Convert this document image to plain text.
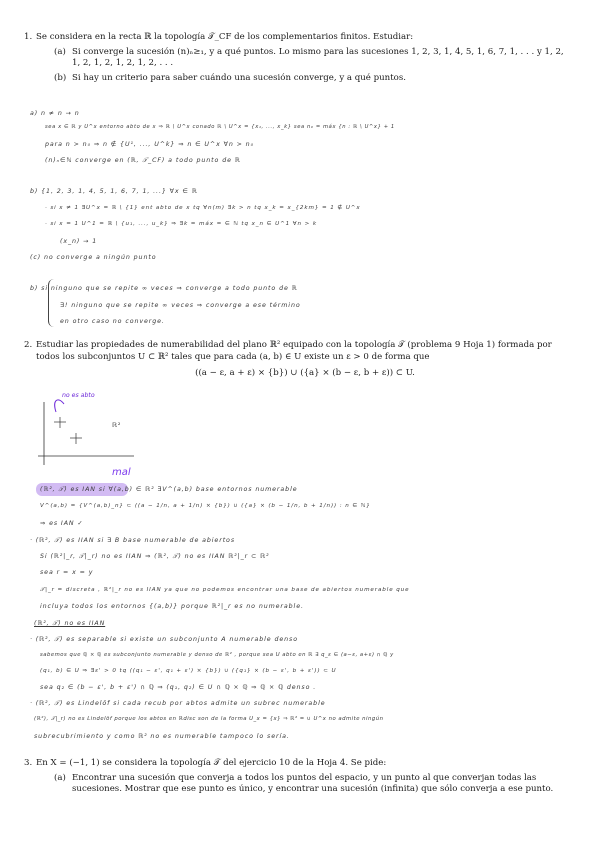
1. Se considera en la recta ℝ la topología 𝒯_CF de los complementarios finitos. Estudiar:
(a) Si converge la sucesión (n)ₙ≥₁, y a qué puntos. Lo mismo para las sucesiones 1, 2, 3, 1, 4, 5, 1, 6, 7, 1, . . . y 1, 2, 1, 2, 1, 2, 1, 2, 1, 2, . . .
(b) Si hay un criterio para saber cuándo una sucesión converge, y a qué puntos.
a) n ≠ n → n
sea x ∈ ℝ y U^x entorno abto de x ⇒ ℝ \ U^x conado ℝ \ U^x = {x₁, ..., x_k} sea n₀ = máx {n : ℝ \ U^x} + 1
para n > n₀ ⇒ n ∉ {U¹, ..., U^k} ⇒ n ∈ U^x ∀n > n₀
(n)ₙ∈ℕ converge en (ℝ, 𝒯_CF) a todo punto de ℝ
b) {1, 2, 3, 1, 4, 5, 1, 6, 7, 1, ...} ∀x ∈ ℝ
· si x ≠ 1 ∃U^x = ℝ \ {1} ent abto de x tq ∀n(m) ∃k > n tq x_k = x_{2km} = 1 ∉ U^x
· si x = 1 U^1 = ℝ \ {u₁, ..., u_k} ⇒ ∃k = máx = ∈ ℕ tq x_n ∈ U^1 ∀n > k
(x_n) → 1
(c) no converge a ningún punto
b) si ninguno que se repite ∞ veces ⇒ converge a todo punto de ℝ
∃! ninguno que se repite ∞ veces ⇒ converge a ese término
en otro caso no converge.
2. Estudiar las propiedades de numerabilidad del plano ℝ² equipado con la topología 𝒯 (problema 9 Hoja 1) formada por todos los subconjuntos U ⊂ ℝ² tales que para cada (a, b) ∈ U existe un ε > 0 de forma que
((a − ε, a + ε) × {b}) ∪ ({a} × (b − ε, b + ε)) ⊂ U.
no es abto
ℝ²
mal
(ℝ², 𝒯) es IAN si ∀(a,b) ∈ ℝ² ∃V^(a,b) base entornos numerable
V^(a,b) = {V^(a,b)_n} ⊂ ((a − 1/n, a + 1/n) × {b}) ∪ ({a} × (b − 1/n, b + 1/n)) : n ∈ ℕ}
⇒ es IAN ✓
· (ℝ², 𝒯) es IIAN si ∃ B base numerable de abiertos
Si (ℝ²|_r, 𝒯|_r) no es IIAN ⇒ (ℝ², 𝒯) no es IIAN ℝ²|_r ⊂ ℝ²
sea r = x = y
𝒯|_r = discreta , ℝ²|_r no es IIAN ya que no podemos encontrar una base de abiertos numerable que
incluya todos los entornos {(a,b)} porque ℝ²|_r es no numerable.
(ℝ², 𝒯) no es IIAN
· (ℝ², 𝒯) es separable si existe un subconjunto A numerable denso
sabemos que ℚ × ℚ es subconjunto numerable y denso de ℝ² , porque sea U abto en ℝ ∃ q_ε ∈ (a−ε, a+ε) ∩ ℚ y
(q₁, b) ∈ U ⇒ ∃ε' > 0 tq ((q₁ − ε', q₁ + ε') × {b}) ∪ ({q₁} × (b − ε', b + ε')) ⊂ U
sea q₂ ∈ (b − ε', b + ε') ∩ ℚ ⇒ (q₁, q₂) ∈ U ∩ ℚ × ℚ ⇒ ℚ × ℚ denso .
· (ℝ², 𝒯) es Lindelöf si cada recub por abtos admite un subrec numerable
(ℝ²), 𝒯|_r) no es Lindelöf porque los abtos en ℝdisc son de la forma U_x = {x} ⇒ ℝ² = ∪ U^x no admite ningún
subrecubrimiento y como ℝ² no es numerable tampoco lo sería.
3. En X = (−1, 1) se considera la topología 𝒯 del ejercicio 10 de la Hoja 4. Se pide:
(a) Encontrar una sucesión que converja a todos los puntos del espacio, y un punto al que converjan todas las sucesiones. Mostrar que ese punto es único, y encontrar una sucesión (infinita) que sólo converja a ese punto.
